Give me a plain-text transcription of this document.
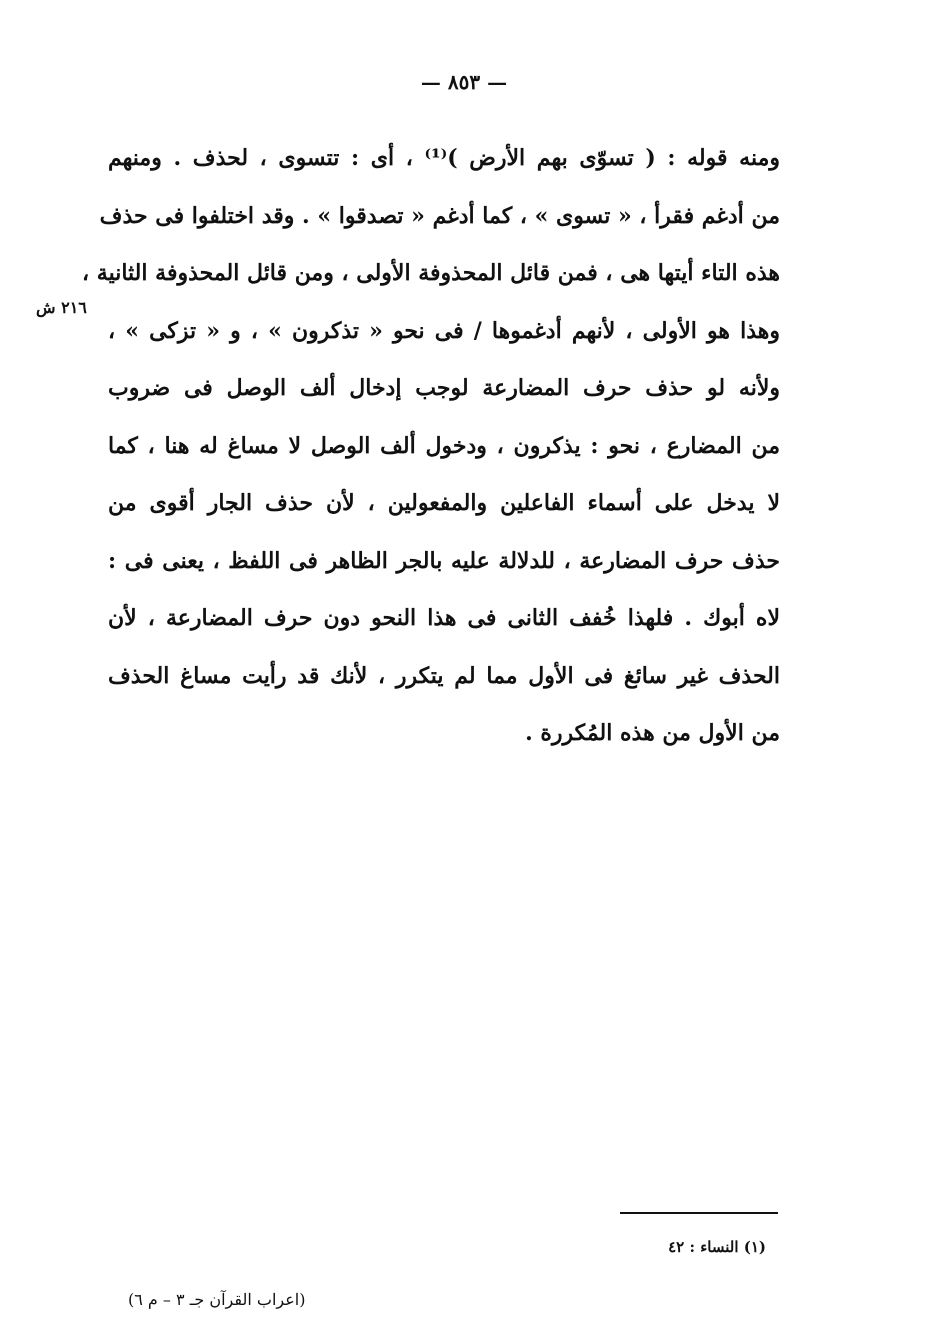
— ٨٥٣ —
٢١٦ ش
ومنه قوله : ( تسوّى بهم الأرض )⁽¹⁾ ، أى : تتسوى ، لحذف . ومنهم
من أدغم فقرأ ، « تسوى » ، كما أدغم « تصدقوا » . وقد اختلفوا فى حذف
هذه التاء أيتها هى ، فمن قائل المحذوفة الأولى ، ومن قائل المحذوفة الثانية ،
وهذا هو الأولى ، لأنهم أدغموها / فى نحو « تذكرون » ، و « تزكى » ،
ولأنه لو حذف حرف المضارعة لوجب إدخال ألف الوصل فى ضروب
من المضارع ، نحو : يذكرون ، ودخول ألف الوصل لا مساغ له هنا ، كما
لا يدخل على أسماء الفاعلين والمفعولين ، لأن حذف الجار أقوى من
حذف حرف المضارعة ، للدلالة عليه بالجر الظاهر فى اللفظ ، يعنى فى :
لاه أبوك . فلهذا خُفف الثانى فى هذا النحو دون حرف المضارعة ، لأن
الحذف غير سائغ فى الأول مما لم يتكرر ، لأنك قد رأيت مساغ الحذف
من الأول من هذه المُكررة .
(١) النساء : ٤٢
(اعراب القرآن جـ ٣ – م ٦)
